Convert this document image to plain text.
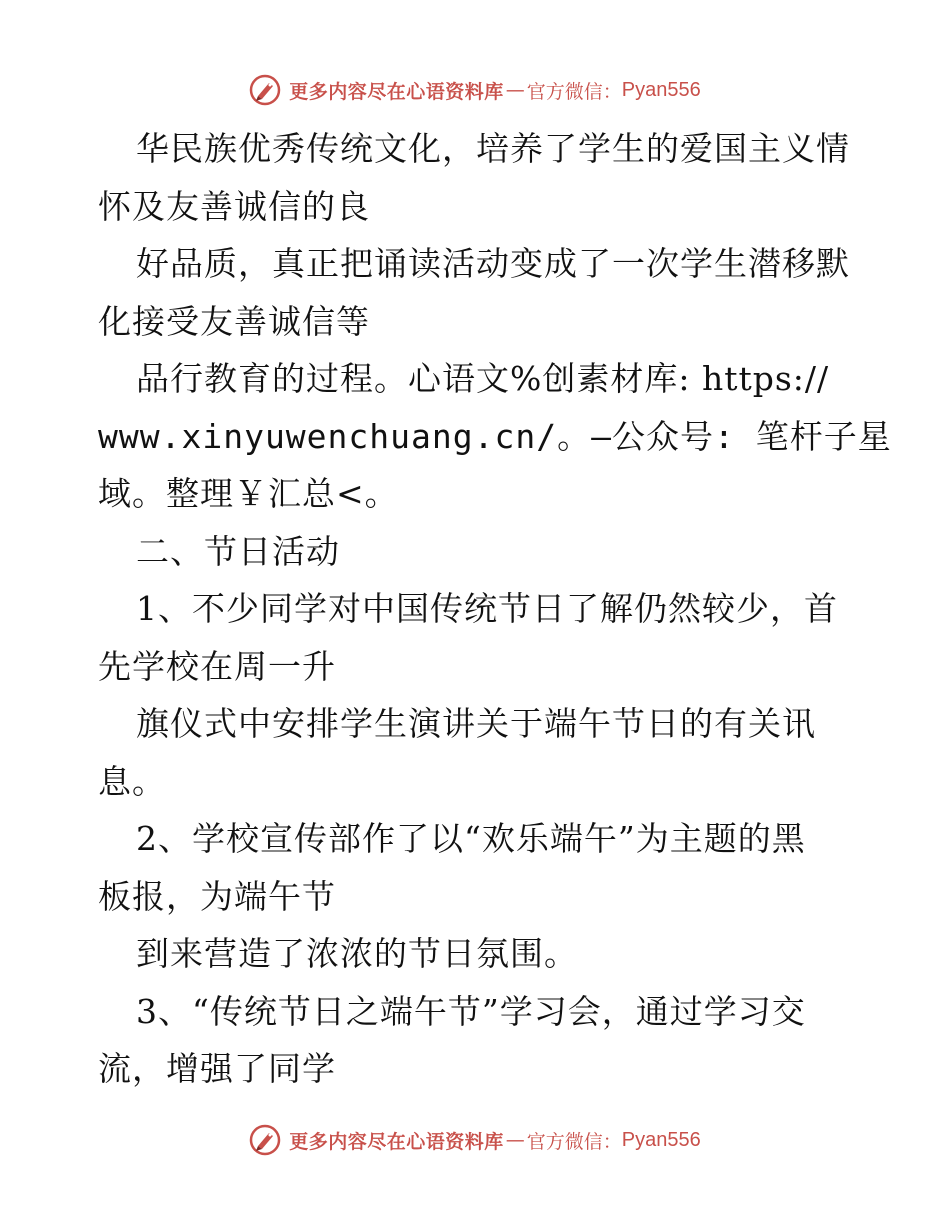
更多内容尽在心语资料库 — 官方微信： Pyan556
华民族优秀传统文化，培养了学生的爱国主义情
怀及友善诚信的良
好品质，真正把诵读活动变成了一次学生潜移默
化接受友善诚信等
品行教育的过程。心语文%创素材库: https://
www.xinyuwenchuang.cn/。—公众号: 笔杆子星
域。整理￥汇总<。
二、节日活动
1、不少同学对中国传统节日了解仍然较少，首
先学校在周一升
旗仪式中安排学生演讲关于端午节日的有关讯
息。
2、学校宣传部作了以“欢乐端午”为主题的黑
板报，为端午节
到来营造了浓浓的节日氛围。
3、“传统节日之端午节”学习会，通过学习交
流，增强了同学
更多内容尽在心语资料库 — 官方微信： Pyan556
